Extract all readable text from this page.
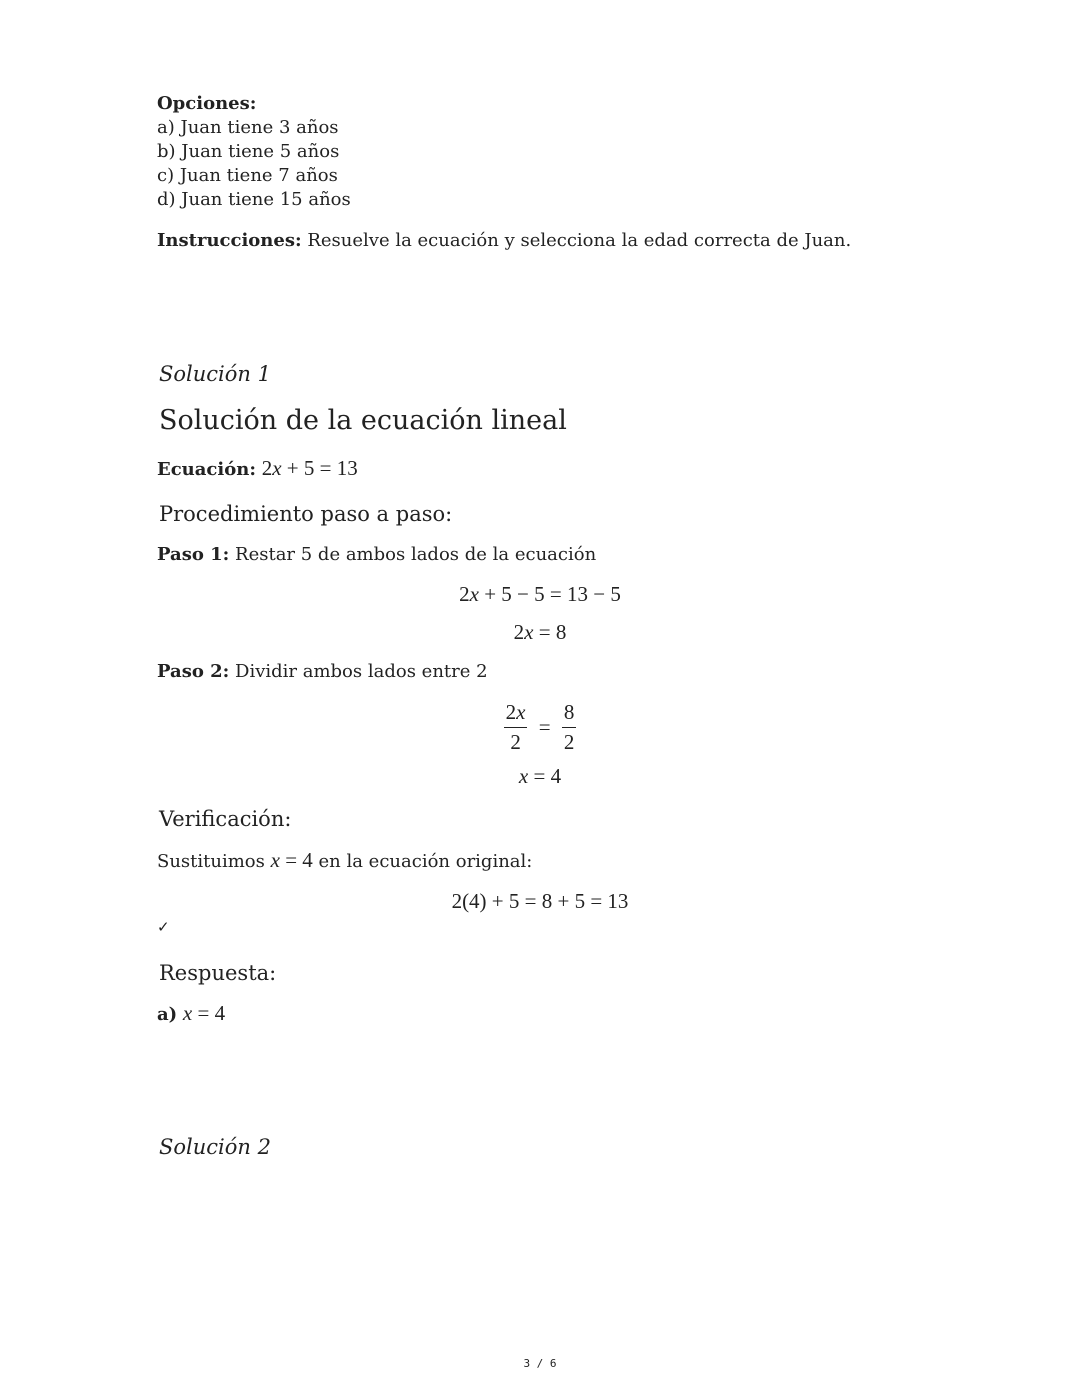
Opciones:
a) Juan tiene 3 años
b) Juan tiene 5 años
c) Juan tiene 7 años
d) Juan tiene 15 años
Instrucciones: Resuelve la ecuación y selecciona la edad correcta de Juan.
Solución 1
Solución de la ecuación lineal
Ecuación: 2x + 5 = 13
Procedimiento paso a paso:
Paso 1: Restar 5 de ambos lados de la ecuación
2x + 5 − 5 = 13 − 5
2x = 8
Paso 2: Dividir ambos lados entre 2
$\frac{2x}{2} = \frac{8}{2}$
x = 4
Verificación:
Sustituimos x = 4 en la ecuación original:
2(4) + 5 = 8 + 5 = 13
✓
Respuesta:
a) x = 4
Solución 2
3 / 6
